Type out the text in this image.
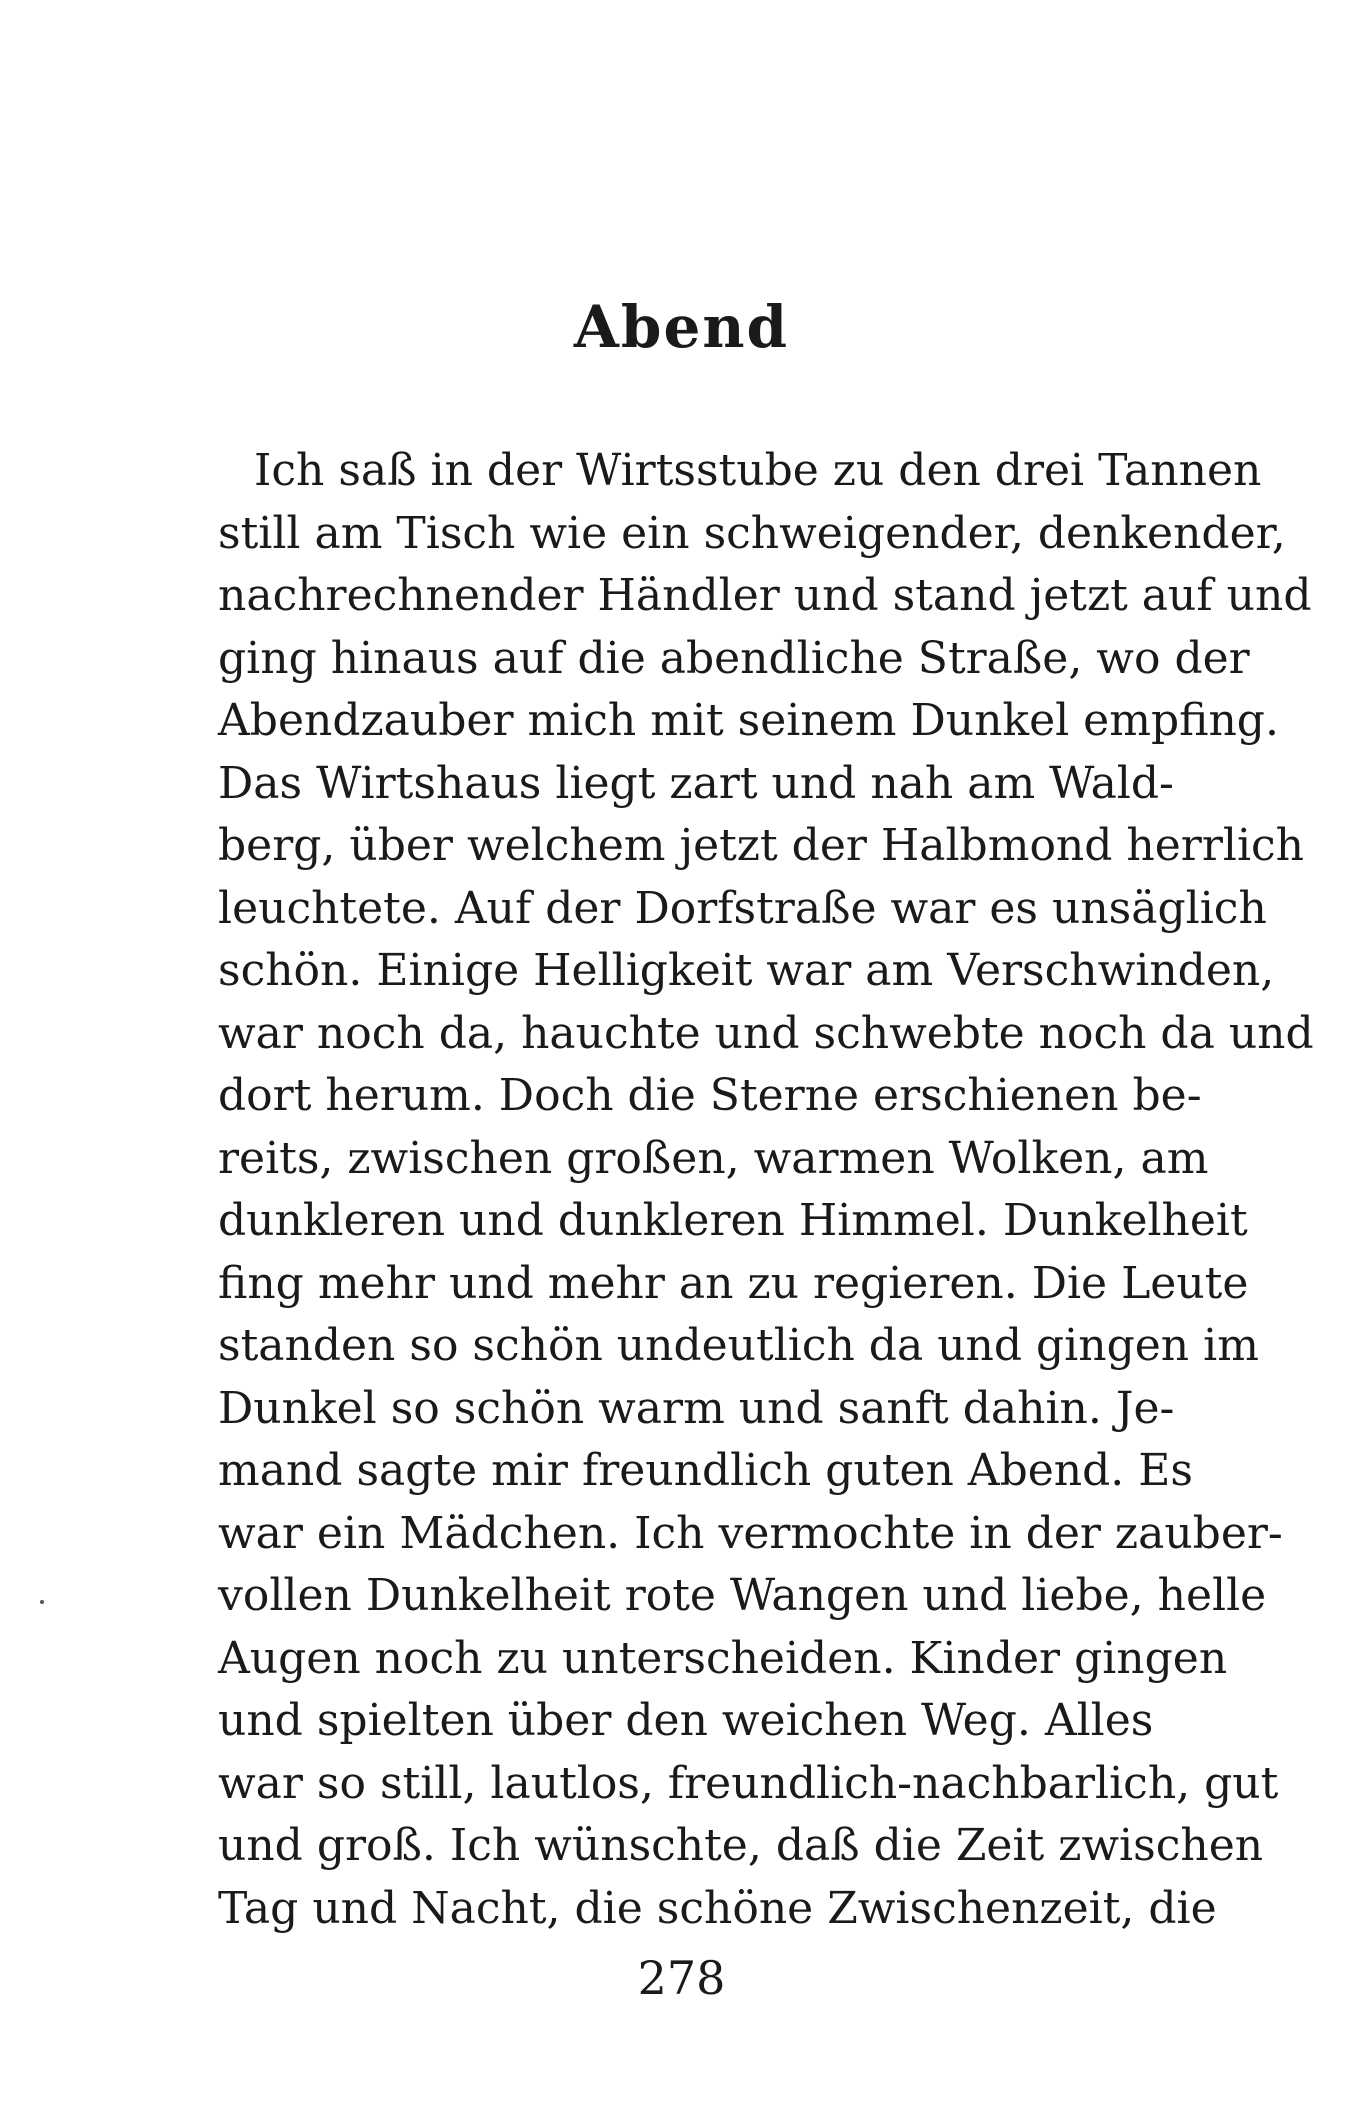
Abend
Ich saß in der Wirtsstube zu den drei Tannen
still am Tisch wie ein schweigender, denkender,
nachrechnender Händler und stand jetzt auf und
ging hinaus auf die abendliche Straße, wo der
Abendzauber mich mit seinem Dunkel empfing.
Das Wirtshaus liegt zart und nah am Wald-
berg, über welchem jetzt der Halbmond herrlich
leuchtete. Auf der Dorfstraße war es unsäglich
schön. Einige Helligkeit war am Verschwinden,
war noch da, hauchte und schwebte noch da und
dort herum. Doch die Sterne erschienen be-
reits, zwischen großen, warmen Wolken, am
dunkleren und dunkleren Himmel. Dunkelheit
fing mehr und mehr an zu regieren. Die Leute
standen so schön undeutlich da und gingen im
Dunkel so schön warm und sanft dahin. Je-
mand sagte mir freundlich guten Abend. Es
war ein Mädchen. Ich vermochte in der zauber-
vollen Dunkelheit rote Wangen und liebe, helle
Augen noch zu unterscheiden. Kinder gingen
und spielten über den weichen Weg. Alles
war so still, lautlos, freundlich-nachbarlich, gut
und groß. Ich wünschte, daß die Zeit zwischen
Tag und Nacht, die schöne Zwischenzeit, die
278
